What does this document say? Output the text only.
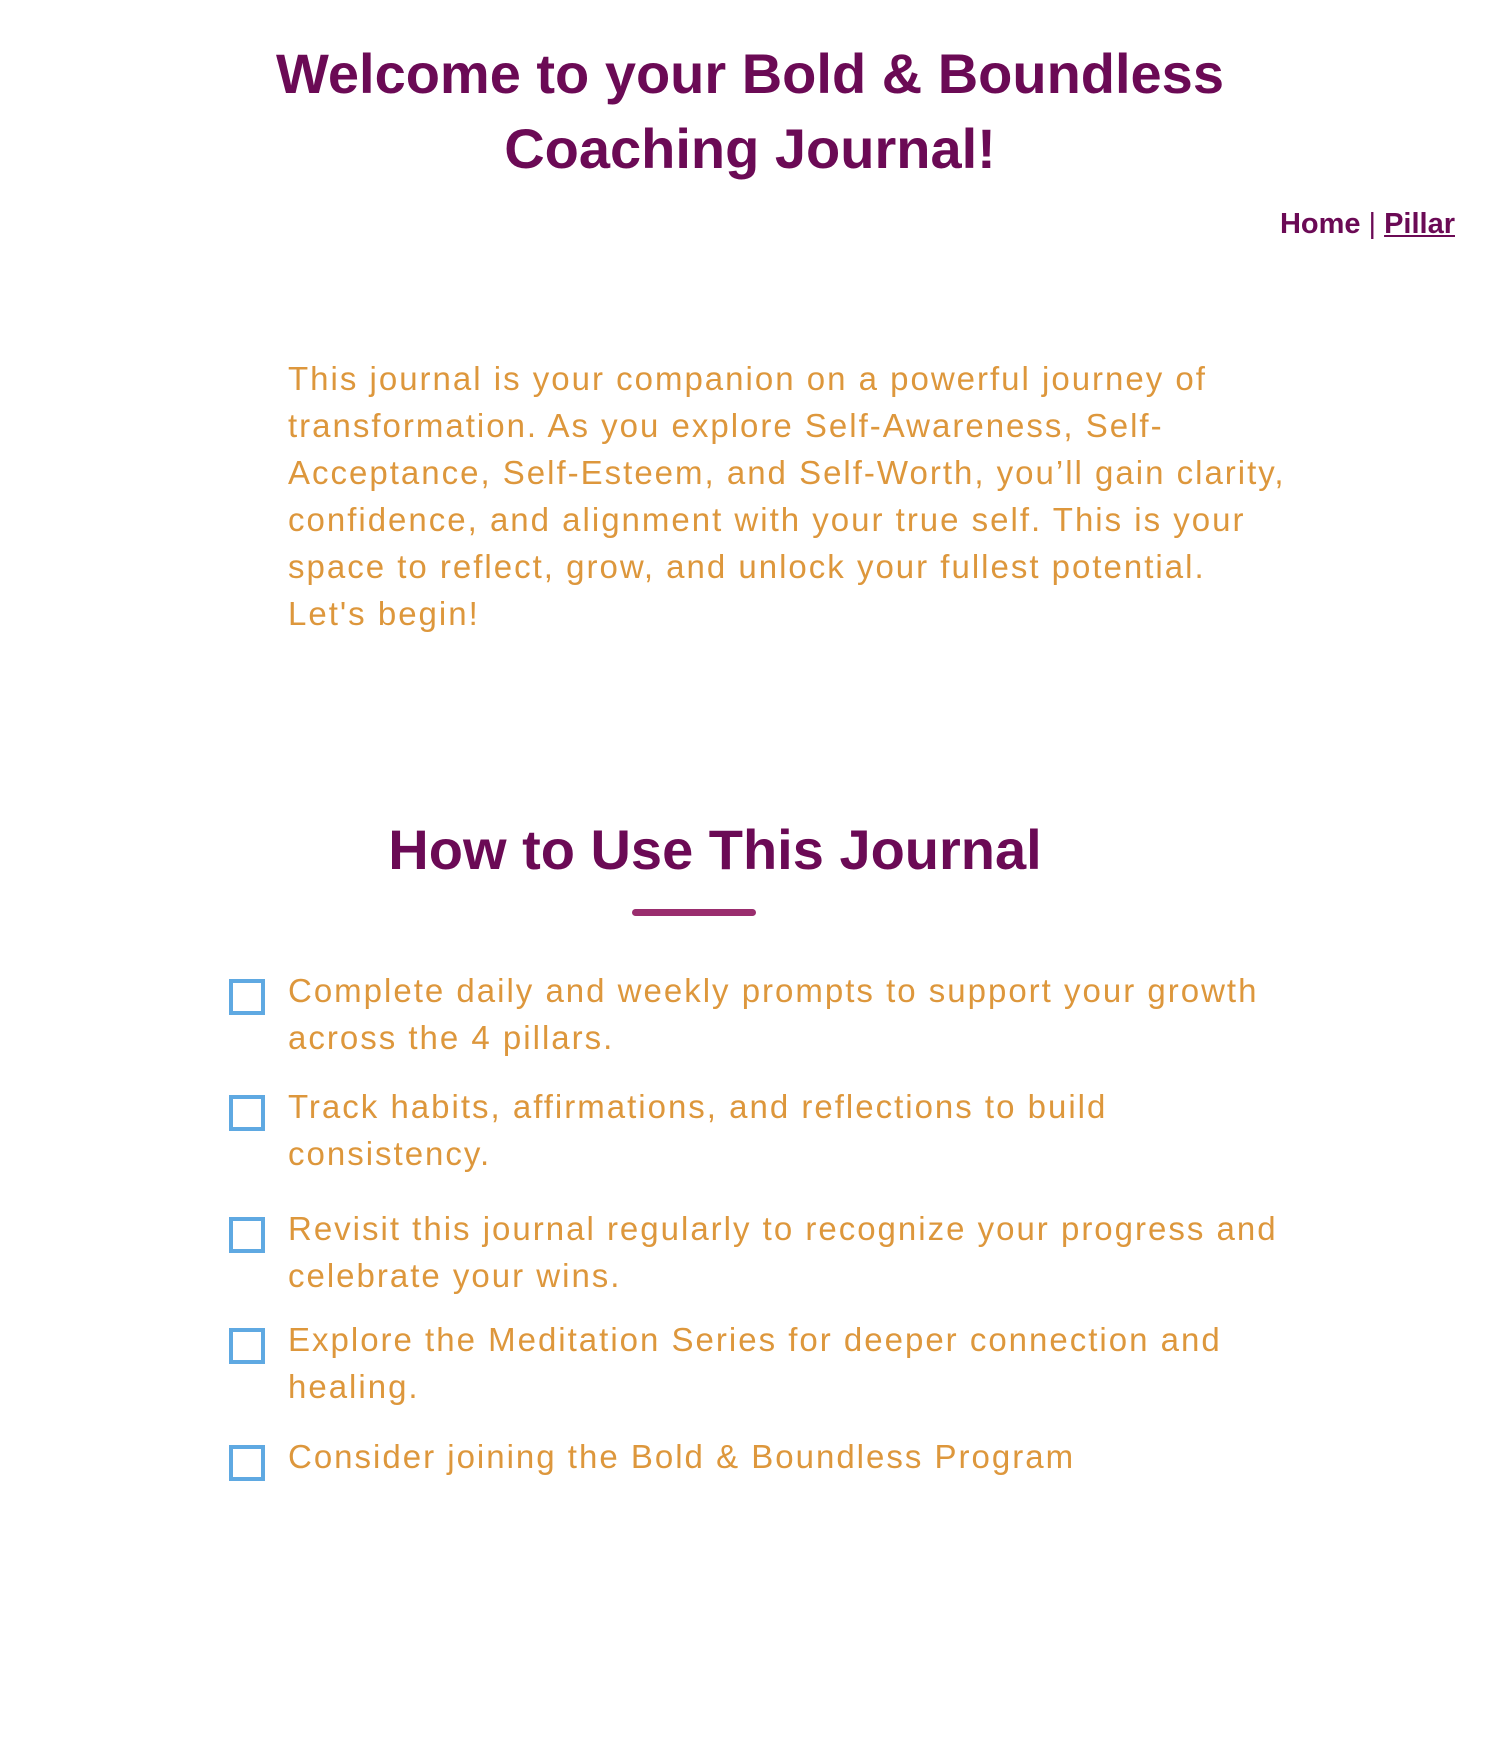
Welcome to your Bold & Boundless Coaching Journal!
Home | Pillar

This journal is your companion on a powerful journey of transformation. As you explore Self-Awareness, Self-Acceptance, Self-Esteem, and Self-Worth, you’ll gain clarity, confidence, and alignment with your true self. This is your space to reflect, grow, and unlock your fullest potential. Let's begin!

How to Use This Journal
Complete daily and weekly prompts to support your growth across the 4 pillars.
Track habits, affirmations, and reflections to build consistency.
Revisit this journal regularly to recognize your progress and celebrate your wins.
Explore the Meditation Series for deeper connection and healing.
Consider joining the Bold & Boundless Program
